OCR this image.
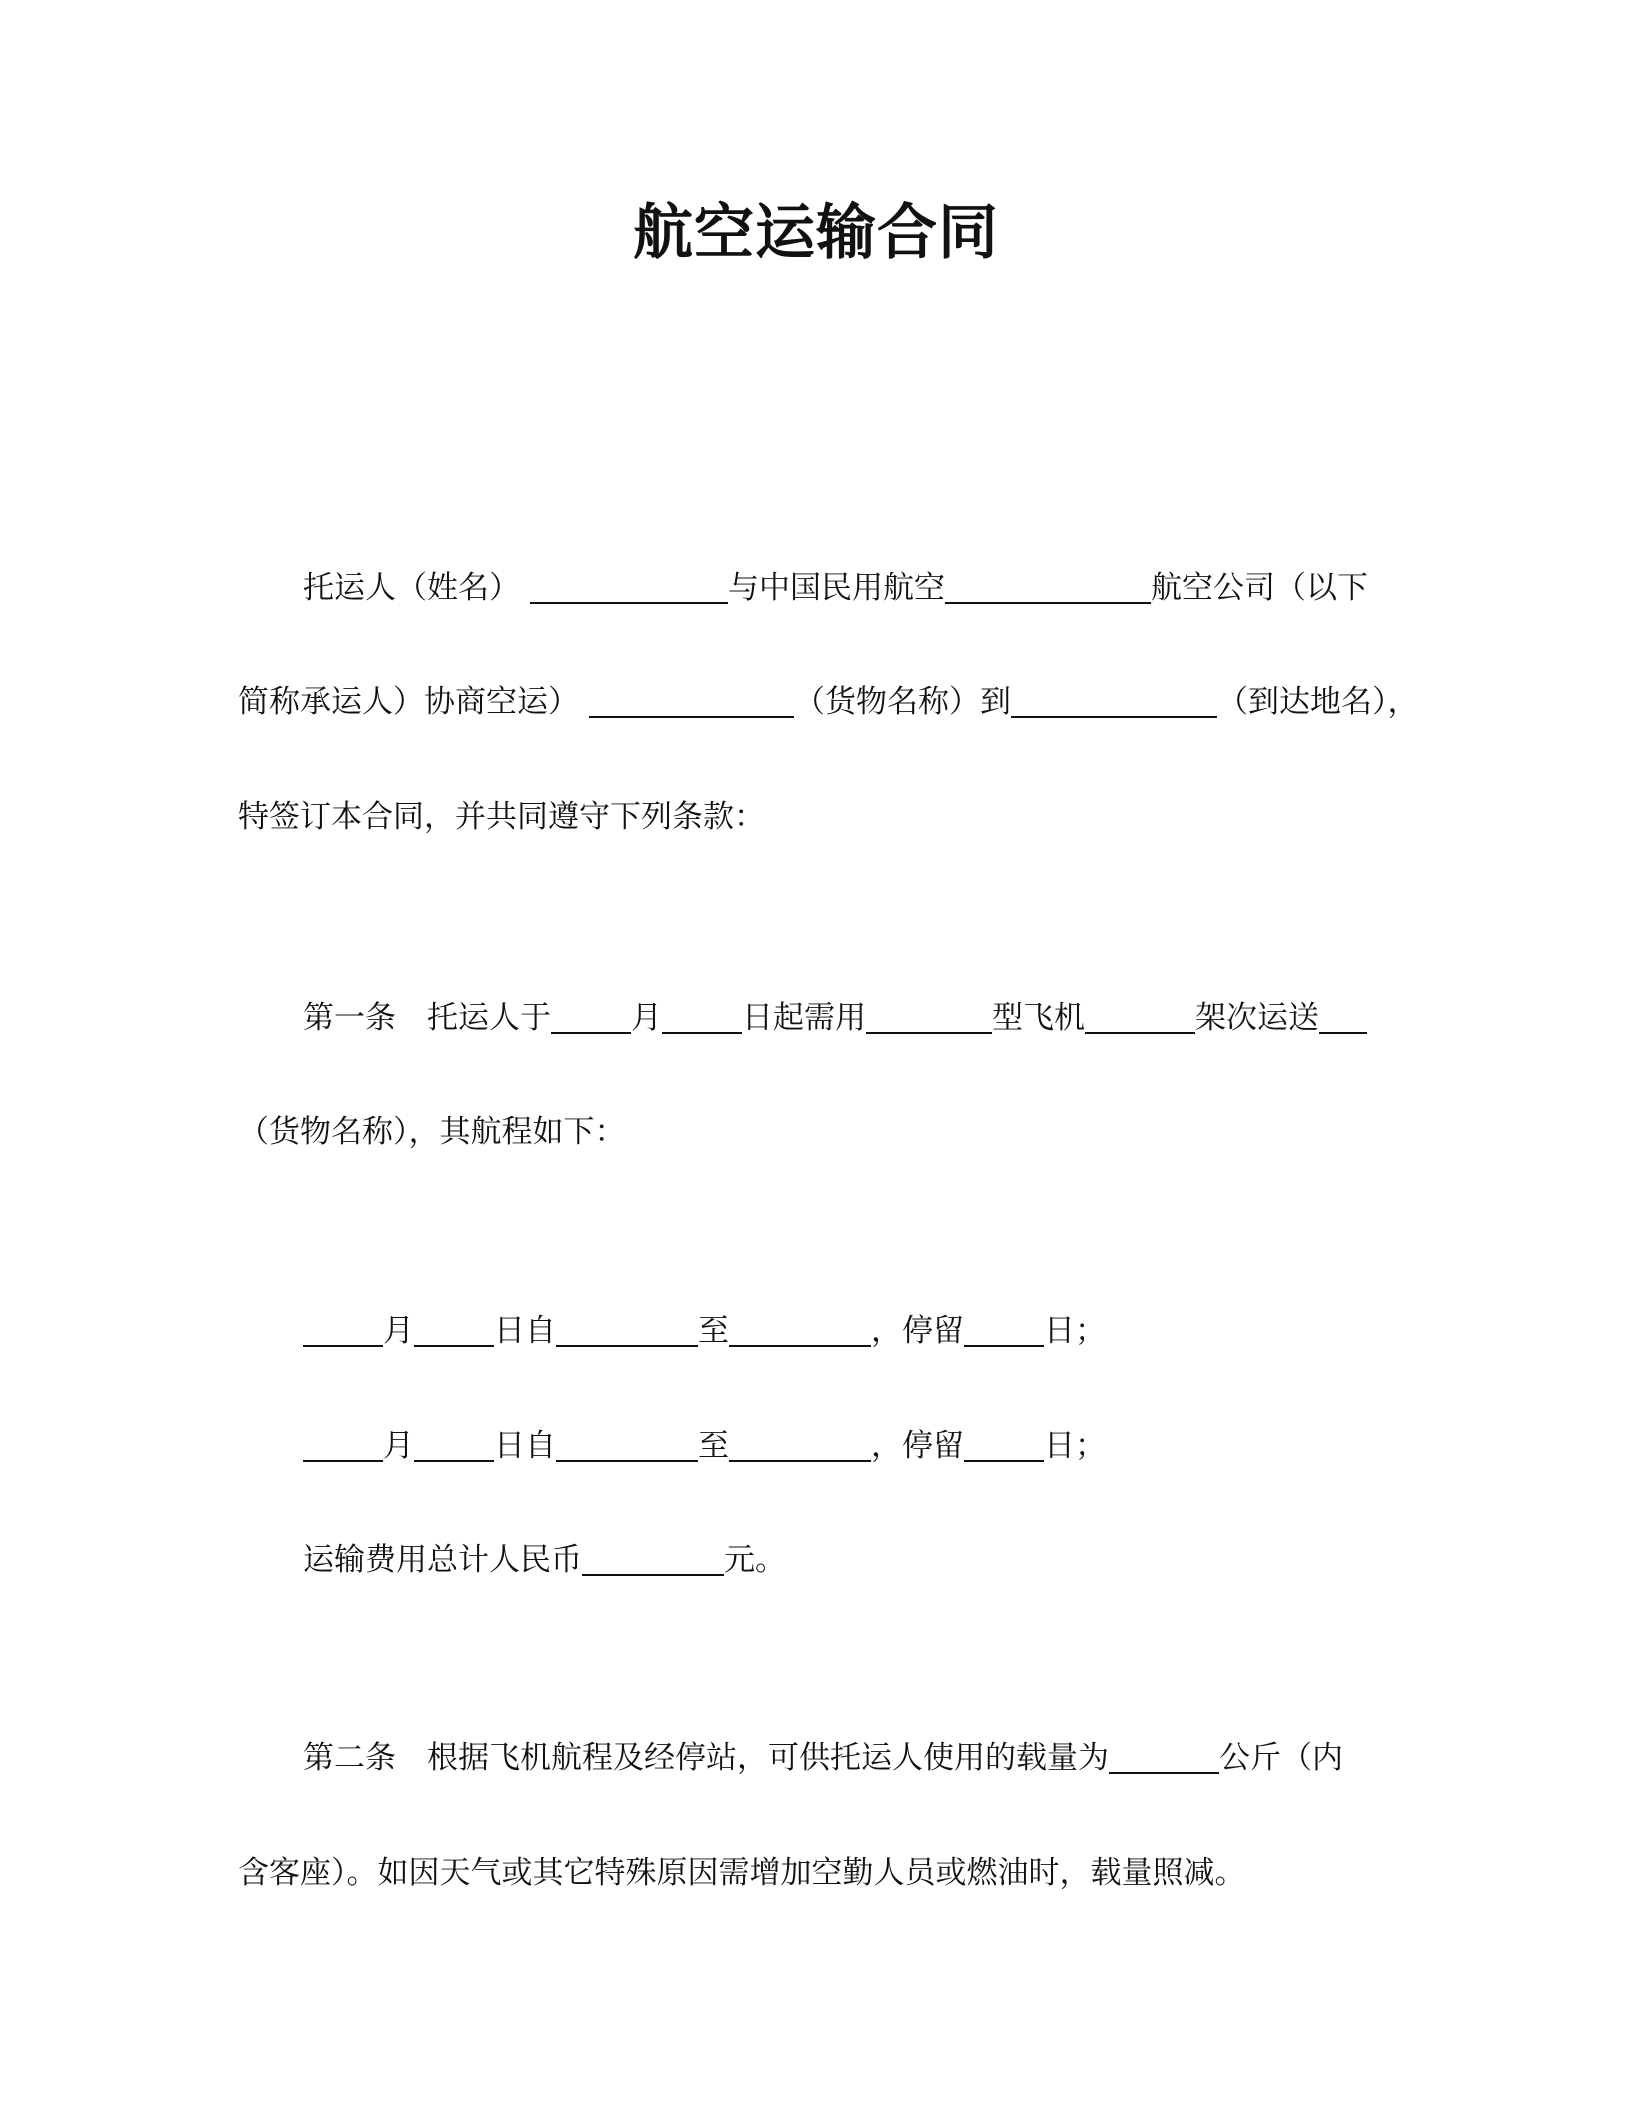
航空运输合同
托运人（姓名）	与中国民用航空	航空公司（以下
简称承运人）协商空运）	（货物名称）到	（到达地名），
特签订本合同，并共同遵守下列条款：
第一条　托运人于	月	日起需用	型飞机	架次运送
（货物名称），其航程如下：
月	日自	至	，停留	日；
月	日自	至	，停留	日；
运输费用总计人民币	元。
第二条　根据飞机航程及经停站，可供托运人使用的载量为	公斤（内
含客座）。如因天气或其它特殊原因需增加空勤人员或燃油时，载量照减。
